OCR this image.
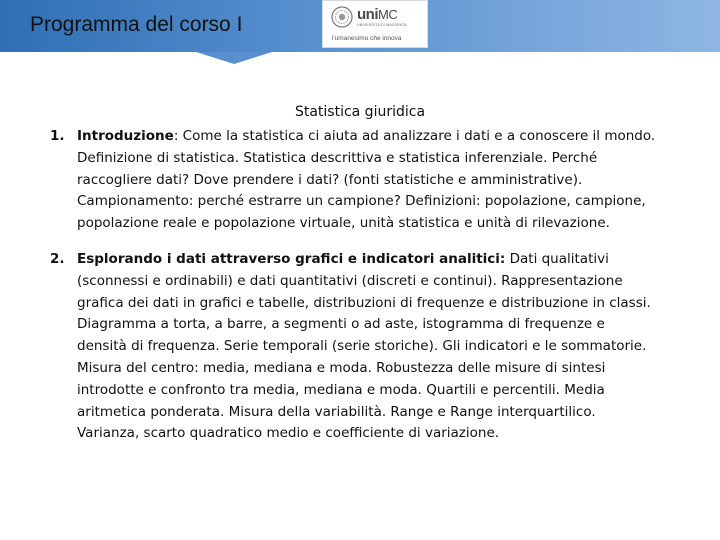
Programma del corso I	uniMC
UNIVERSITÀ DI MACERATA
l'umanesimo che innova
Statistica giuridica
1. Introduzione: Come la statistica ci aiuta ad analizzare i dati e a conoscere il mondo. Definizione di statistica. Statistica descrittiva e statistica inferenziale. Perché raccogliere dati? Dove prendere i dati? (fonti statistiche e amministrative). Campionamento: perché estrarre un campione? Definizioni: popolazione, campione, popolazione reale e popolazione virtuale, unità statistica e unità di rilevazione.
2. Esplorando i dati attraverso grafici e indicatori analitici: Dati qualitativi (sconnessi e ordinabili) e dati quantitativi (discreti e continui). Rappresentazione grafica dei dati in grafici e tabelle, distribuzioni di frequenze e distribuzione in classi. Diagramma a torta, a barre, a segmenti o ad aste, istogramma di frequenze e densità di frequenza. Serie temporali (serie storiche). Gli indicatori e le sommatorie. Misura del centro: media, mediana e moda. Robustezza delle misure di sintesi introdotte e confronto tra media, mediana e moda. Quartili e percentili. Media aritmetica ponderata. Misura della variabilità. Range e Range interquartilico. Varianza, scarto quadratico medio e coefficiente di variazione.
